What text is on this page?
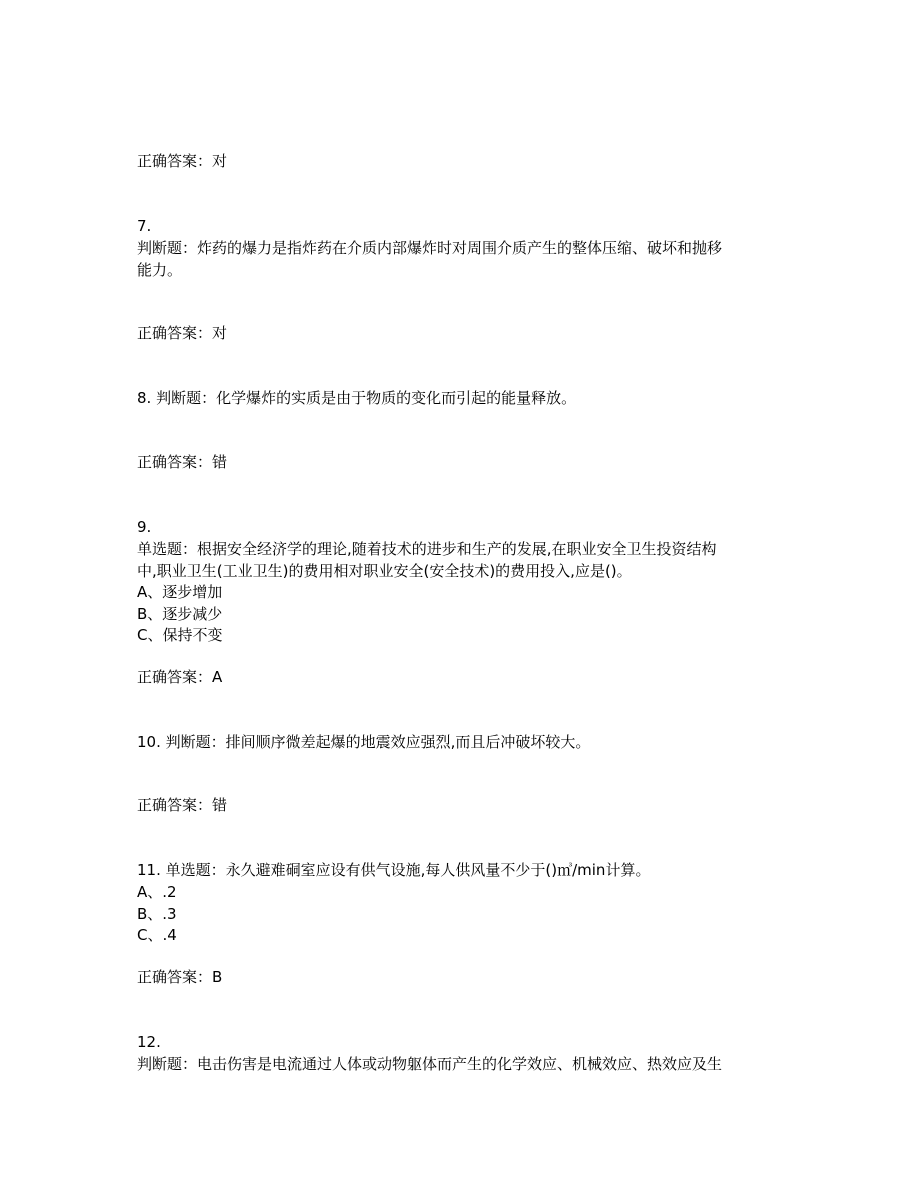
正确答案：对
7.
判断题：炸药的爆力是指炸药在介质内部爆炸时对周围介质产生的整体压缩、破坏和抛移
能力。
正确答案：对
8. 判断题：化学爆炸的实质是由于物质的变化而引起的能量释放。
正确答案：错
9.
单选题：根据安全经济学的理论,随着技术的进步和生产的发展,在职业安全卫生投资结构
中,职业卫生(工业卫生)的费用相对职业安全(安全技术)的费用投入,应是()。
A、逐步增加
B、逐步减少
C、保持不变
正确答案：A
10. 判断题：排间顺序微差起爆的地震效应强烈,而且后冲破坏较大。
正确答案：错
11. 单选题：永久避难硐室应设有供气设施,每人供风量不少于()㎥/min计算。
A、.2
B、.3
C、.4
正确答案：B
12.
判断题：电击伤害是电流通过人体或动物躯体而产生的化学效应、机械效应、热效应及生
